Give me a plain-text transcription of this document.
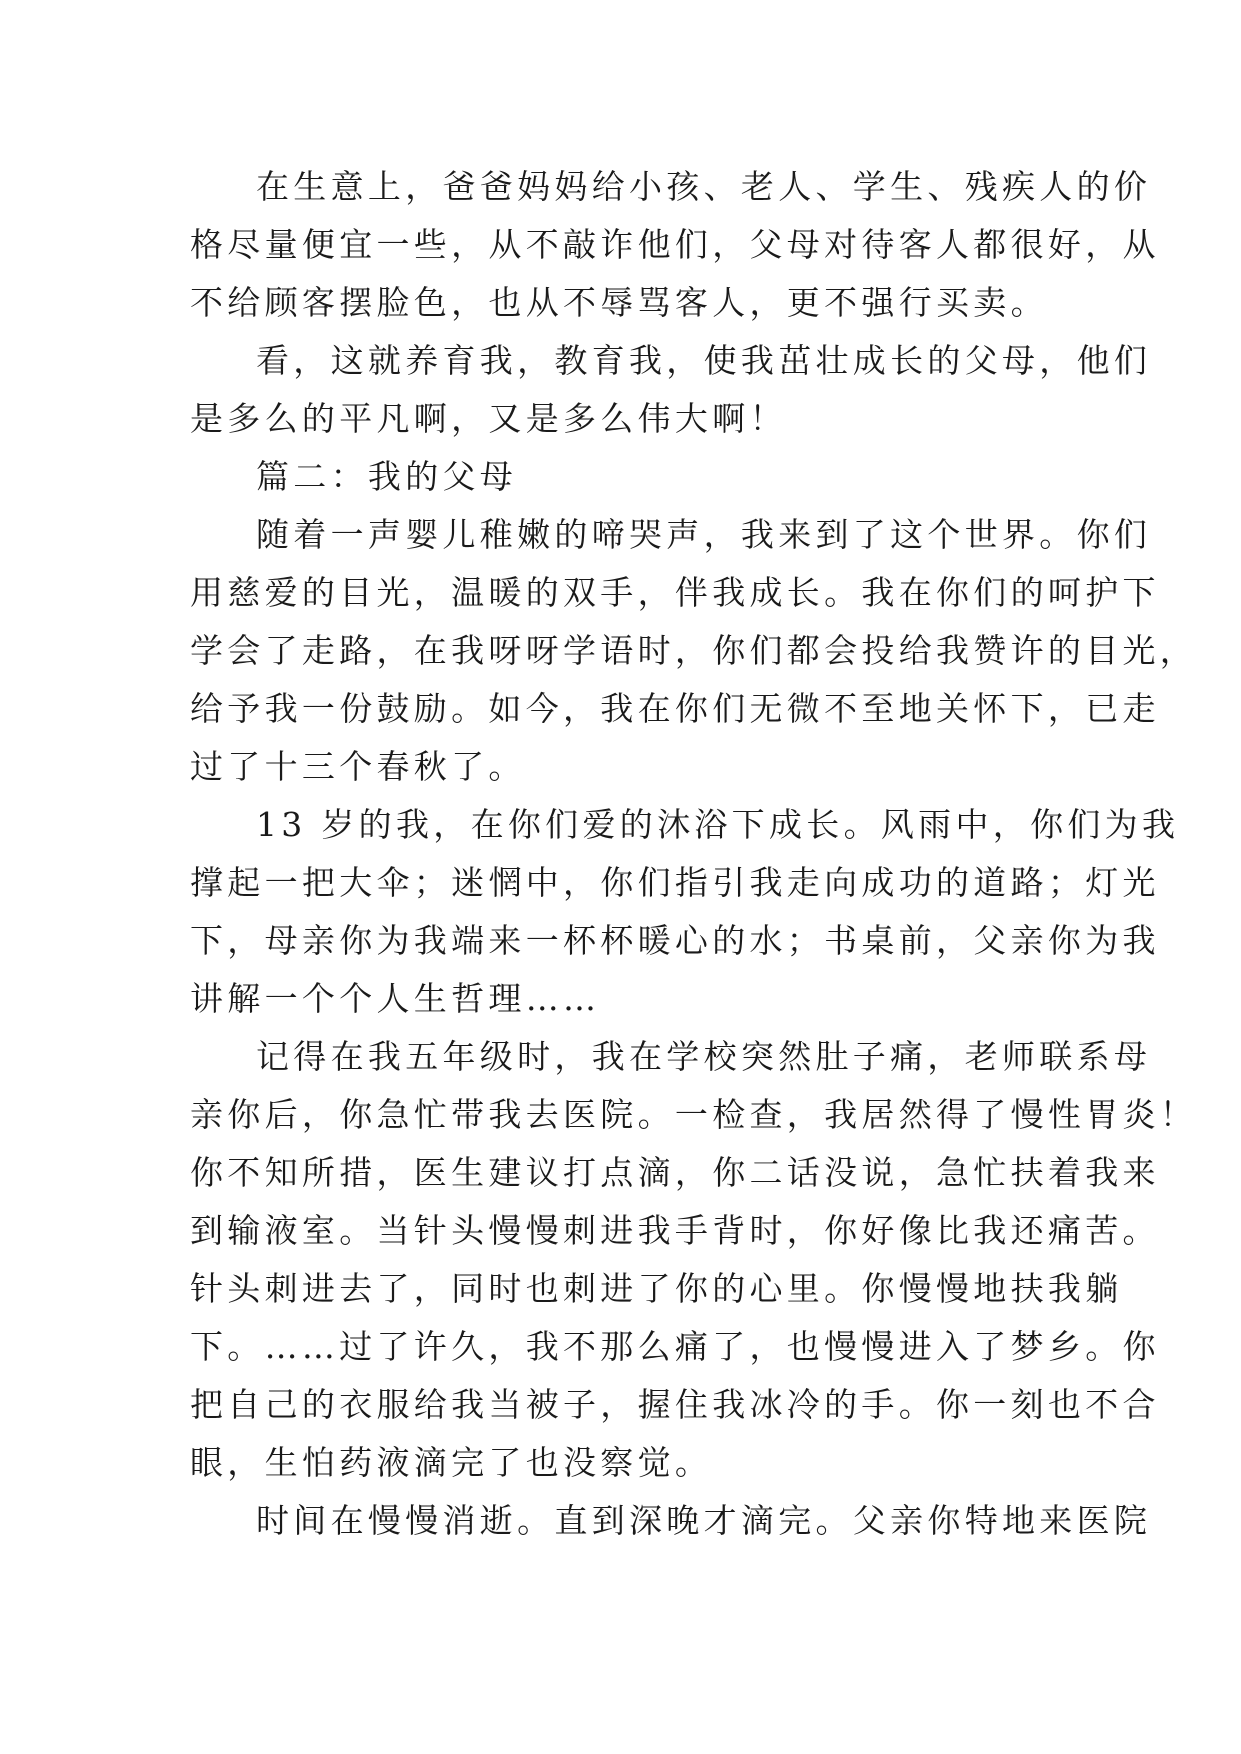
在生意上，爸爸妈妈给小孩、老人、学生、残疾人的价
格尽量便宜一些，从不敲诈他们，父母对待客人都很好，从
不给顾客摆脸色，也从不辱骂客人，更不强行买卖。
看，这就养育我，教育我，使我茁壮成长的父母，他们
是多么的平凡啊，又是多么伟大啊！
篇二：我的父母
随着一声婴儿稚嫩的啼哭声，我来到了这个世界。你们
用慈爱的目光，温暖的双手，伴我成长。我在你们的呵护下
学会了走路，在我呀呀学语时，你们都会投给我赞许的目光，
给予我一份鼓励。如今，我在你们无微不至地关怀下，已走
过了十三个春秋了。
13 岁的我，在你们爱的沐浴下成长。风雨中，你们为我
撑起一把大伞；迷惘中，你们指引我走向成功的道路；灯光
下，母亲你为我端来一杯杯暖心的水；书桌前，父亲你为我
讲解一个个人生哲理……
记得在我五年级时，我在学校突然肚子痛，老师联系母
亲你后，你急忙带我去医院。一检查，我居然得了慢性胃炎！
你不知所措，医生建议打点滴，你二话没说，急忙扶着我来
到输液室。当针头慢慢刺进我手背时，你好像比我还痛苦。
针头刺进去了，同时也刺进了你的心里。你慢慢地扶我躺
下。……过了许久，我不那么痛了，也慢慢进入了梦乡。你
把自己的衣服给我当被子，握住我冰冷的手。你一刻也不合
眼，生怕药液滴完了也没察觉。
时间在慢慢消逝。直到深晚才滴完。父亲你特地来医院
